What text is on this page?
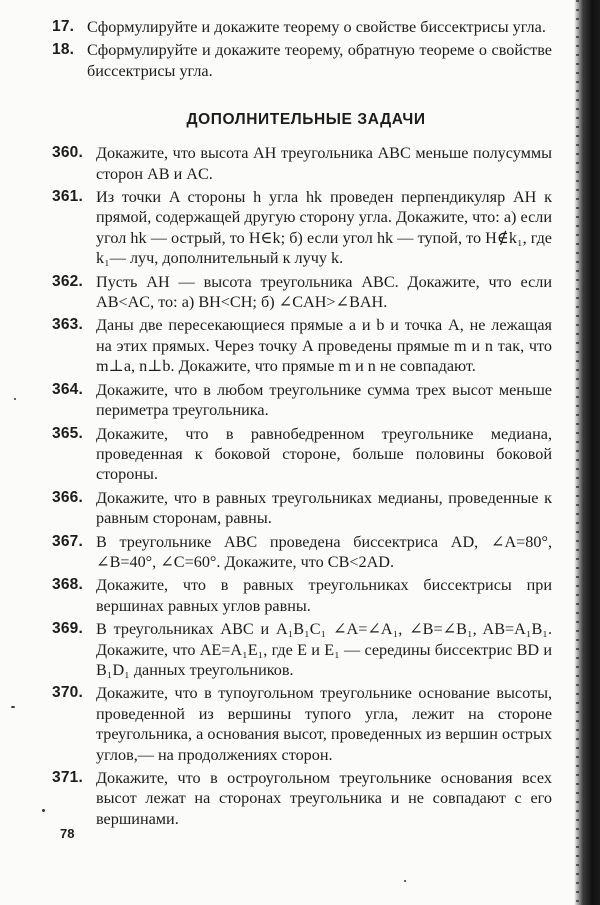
17. Сформулируйте и докажите теорему о свойстве биссектрисы угла.
18. Сформулируйте и докажите теорему, обратную теореме о свойстве биссектрисы угла.
ДОПОЛНИТЕЛЬНЫЕ ЗАДАЧИ
360. Докажите, что высота AH треугольника ABC меньше полусуммы сторон AB и AC.
361. Из точки A стороны h угла hk проведен перпендикуляр AH к прямой, содержащей другую сторону угла. Докажите, что: а) если угол hk — острый, то H∈k; б) если угол hk — тупой, то H∉k₁, где k₁— луч, дополнительный к лучу k.
362. Пусть AH — высота треугольника ABC. Докажите, что если AB<AC, то: а) BH<CH; б) ∠CAH>∠BAH.
363. Даны две пересекающиеся прямые a и b и точка A, не лежащая на этих прямых. Через точку A проведены прямые m и n так, что m⊥a, n⊥b. Докажите, что прямые m и n не совпадают.
364. Докажите, что в любом треугольнике сумма трех высот меньше периметра треугольника.
365. Докажите, что в равнобедренном треугольнике медиана, проведенная к боковой стороне, больше половины боковой стороны.
366. Докажите, что в равных треугольниках медианы, проведенные к равным сторонам, равны.
367. В треугольнике ABC проведена биссектриса AD, ∠A=80°, ∠B=40°, ∠C=60°. Докажите, что CB<2AD.
368. Докажите, что в равных треугольниках биссектрисы при вершинах равных углов равны.
369. В треугольниках ABC и A₁B₁C₁ ∠A=∠A₁, ∠B=∠B₁, AB=A₁B₁. Докажите, что AE=A₁E₁, где E и E₁ — середины биссектрис BD и B₁D₁ данных треугольников.
370. Докажите, что в тупоугольном треугольнике основание высоты, проведенной из вершины тупого угла, лежит на стороне треугольника, а основания высот, проведенных из вершин острых углов,— на продолжениях сторон.
371. Докажите, что в остроугольном треугольнике основания всех высот лежат на сторонах треугольника и не совпадают с его вершинами.
78
